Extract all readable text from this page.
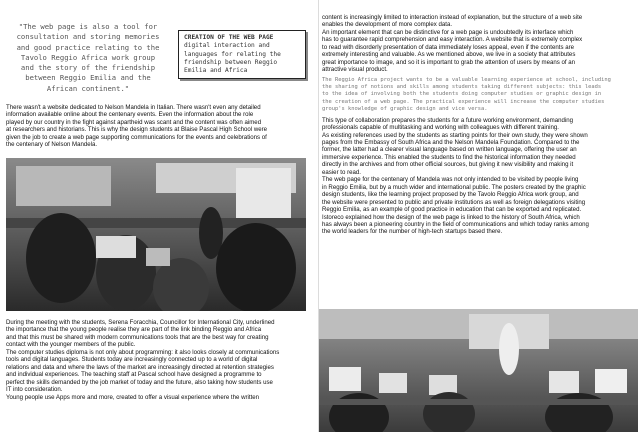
"The web page is also a tool for
consultation and storing memories
and good practice relating to the
Tavolo Reggio Africa work group
and the story of the friendship
between Reggio Emilia and the
African continent."
CREATION OF THE WEB PAGE
digital interaction and
languages for relating the
friendship between Reggio
Emilia and Africa
There wasn't a website dedicated to Nelson Mandela in Italian. There wasn't even any detailed
information available online about the centenary events. Even the information about the role
played by our country in the fight against apartheid was scant and the content was often aimed
at researchers and historians. This is why the design students at Blaise Pascal High School were
given the job to create a web page supporting communications for the events and celebrations of
the centenary of Nelson Mandela.
During the meeting with the students, Serena Foracchia, Councillor for International City, underlined
the importance that the young people realise they are part of the link binding Reggio and Africa
and that this must be shared with modern communications tools that are the best way for creating
contact with the younger members of the public.
The computer studies diploma is not only about programming: it also looks closely at communications
tools and digital languages. Students today are increasingly connected up to a world of digital
relations and data and where the laws of the market are increasingly directed at retention strategies
and individual experiences. The teaching staff at Pascal school have designed a programme to
perfect the skills demanded by the job market of today and the future, also taking how students use
IT into consideration.
Young people use Apps more and more, created to offer a visual experience where the written
content is increasingly limited to interaction instead of explanation, but the structure of a web site
enables the development of more complex data.
An important element that can be distinctive for a web page is undoubtedly its interface which
has to guarantee rapid comprehension and easy interaction. A website that is extremely complex
to read with disorderly presentation of data immediately loses appeal, even if the contents are
extremely interesting and valuable. As we mentioned above, we live in a society that attributes
great importance to image, and so it is important to grab the attention of users by means of an
attractive visual product.
The Reggio Africa project wants to be a valuable learning experience at school, including
the sharing of notions and skills among students taking different subjects: this leads
to the idea of involving both the students doing computer studies or graphic design in
the creation of a web page. The practical experience will increase the computer studies
group's knowledge of graphic design and vice versa.
This type of collaboration prepares the students for a future working environment, demanding
professionals capable of multitasking and working with colleagues with different training.
As existing references used by the students as starting points for their own study, they were shown
pages from the Embassy of South Africa and the Nelson Mandela Foundation. Compared to the
former, the latter had a clearer visual language based on written language, offering the user an
immersive experience. This enabled the students to find the historical information they needed
directly in the archives and from other official sources, but giving it new visibility and making it
easier to read.
The web page for the centenary of Mandela was not only intended to be visited by people living
in Reggio Emilia, but by a much wider and international public. The posters created by the graphic
design students, like the learning project proposed by the Tavolo Reggio Africa work group, and
the website were presented to public and private institutions as well as foreign delegations visiting
Reggio Emilia, as an example of good practice in education that can be exported and replicated.
Istoreco explained how the design of the web page is linked to the history of South Africa, which
has always been a pioneering country in the field of communications and which today ranks among
the world leaders for the number of high-tech startups based there.
